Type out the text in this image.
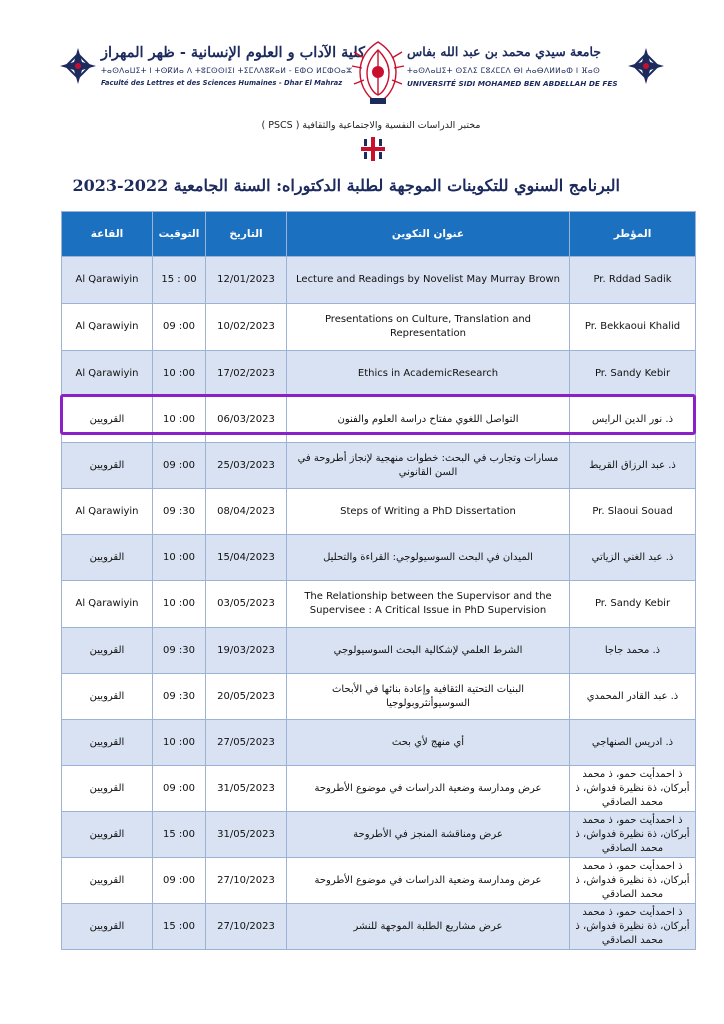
كلية الآداب و العلوم الإنسانية - ظهر المهراز
ⵜⴰⵙⴷⴰⵡⵉⵜ ⵏ ⵜⵙⴽⵍⴰ ⴷ ⵜⵓⵎⵙⵙⵏⵉⵏ ⵜⵉⵎⴷⴷⵓⴽⴰⵍ - ⴹⵀⵔ ⵍⵎⵀⵔⴰⵣ
Faculté des Lettres et des Sciences Humaines - Dhar El Mahraz
جامعة سيدي محمد بن عبد الله بفاس
ⵜⴰⵙⴷⴰⵡⵉⵜ ⵙⵉⴷⵉ ⵎⵓⵃⵎⵎⴷ ⴱⵏ ⵄⴰⴱⴷⵍⵍⴰⵀ ⵏ ⴼⴰⵙ
UNIVERSITÉ SIDI MOHAMED BEN ABDELLAH DE FES
مختبر الدراسات النفسية والاجتماعية والثقافية ( PSCS )
البرنامج السنوي للتكوينات الموجهة لطلبة الدكتوراه: السنة الجامعية 2022-2023
القاعة	التوقيت	التاريخ	عنوان التكوين	المؤطر
Al Qarawiyin	15 : 00	12/01/2023	Lecture and Readings by Novelist May Murray Brown	Pr. Rddad Sadik
Al Qarawiyin	09 :00	10/02/2023	Presentations on Culture, Translation and Representation	Pr. Bekkaoui Khalid
Al Qarawiyin	10 :00	17/02/2023	Ethics in AcademicResearch	Pr. Sandy Kebir
القرويين	10 :00	06/03/2023	التواصل اللغوي مفتاح دراسة العلوم والفنون	ذ. نور الدين الرايس
القرويين	09 :00	25/03/2023	مسارات وتجارب في البحث: خطوات منهجية لإنجاز أطروحة في السن القانوني	ذ. عبد الرزاق القريط
Al Qarawiyin	09 :30	08/04/2023	Steps of Writing a PhD Dissertation	Pr. Slaoui Souad
القرويين	10 :00	15/04/2023	الميدان في البحث السوسيولوجي: القراءة والتحليل	ذ. عبد الغني الزياتي
Al Qarawiyin	10 :00	03/05/2023	The Relationship between the Supervisor and the Supervisee : A Critical Issue in PhD Supervision	Pr. Sandy Kebir
القرويين	09 :30	19/03/2023	الشرط العلمي لإشكالية البحث السوسيولوجي	ذ. محمد جاجا
القرويين	09 :30	20/05/2023	البنيات التحتية الثقافية وإعادة بنائها في الأبحاث السوسيوأنثروبولوجيا	ذ. عبد القادر المحمدي
القرويين	10 :00	27/05/2023	أي منهج لأي بحث	ذ. ادريس الصنهاجي
القرويين	09 :00	31/05/2023	عرض ومدارسة وضعية الدراسات في موضوع الأطروحة	ذ احمدأيت حمو، ذ محمد أبركان، ذة نظيرة فدواش، ذ محمد الصادقي
القرويين	15 :00	31/05/2023	عرض ومناقشة المنجز في الأطروحة	ذ احمدأيت حمو، ذ محمد أبركان، ذة نظيرة فدواش، ذ محمد الصادقي
القرويين	09 :00	27/10/2023	عرض ومدارسة وضعية الدراسات في موضوع الأطروحة	ذ احمدأيت حمو، ذ محمد أبركان، ذة نظيرة فدواش، ذ محمد الصادقي
القرويين	15 :00	27/10/2023	عرض مشاريع الطلبة الموجهة للنشر	ذ احمدأيت حمو، ذ محمد أبركان، ذة نظيرة فدواش، ذ محمد الصادقي
